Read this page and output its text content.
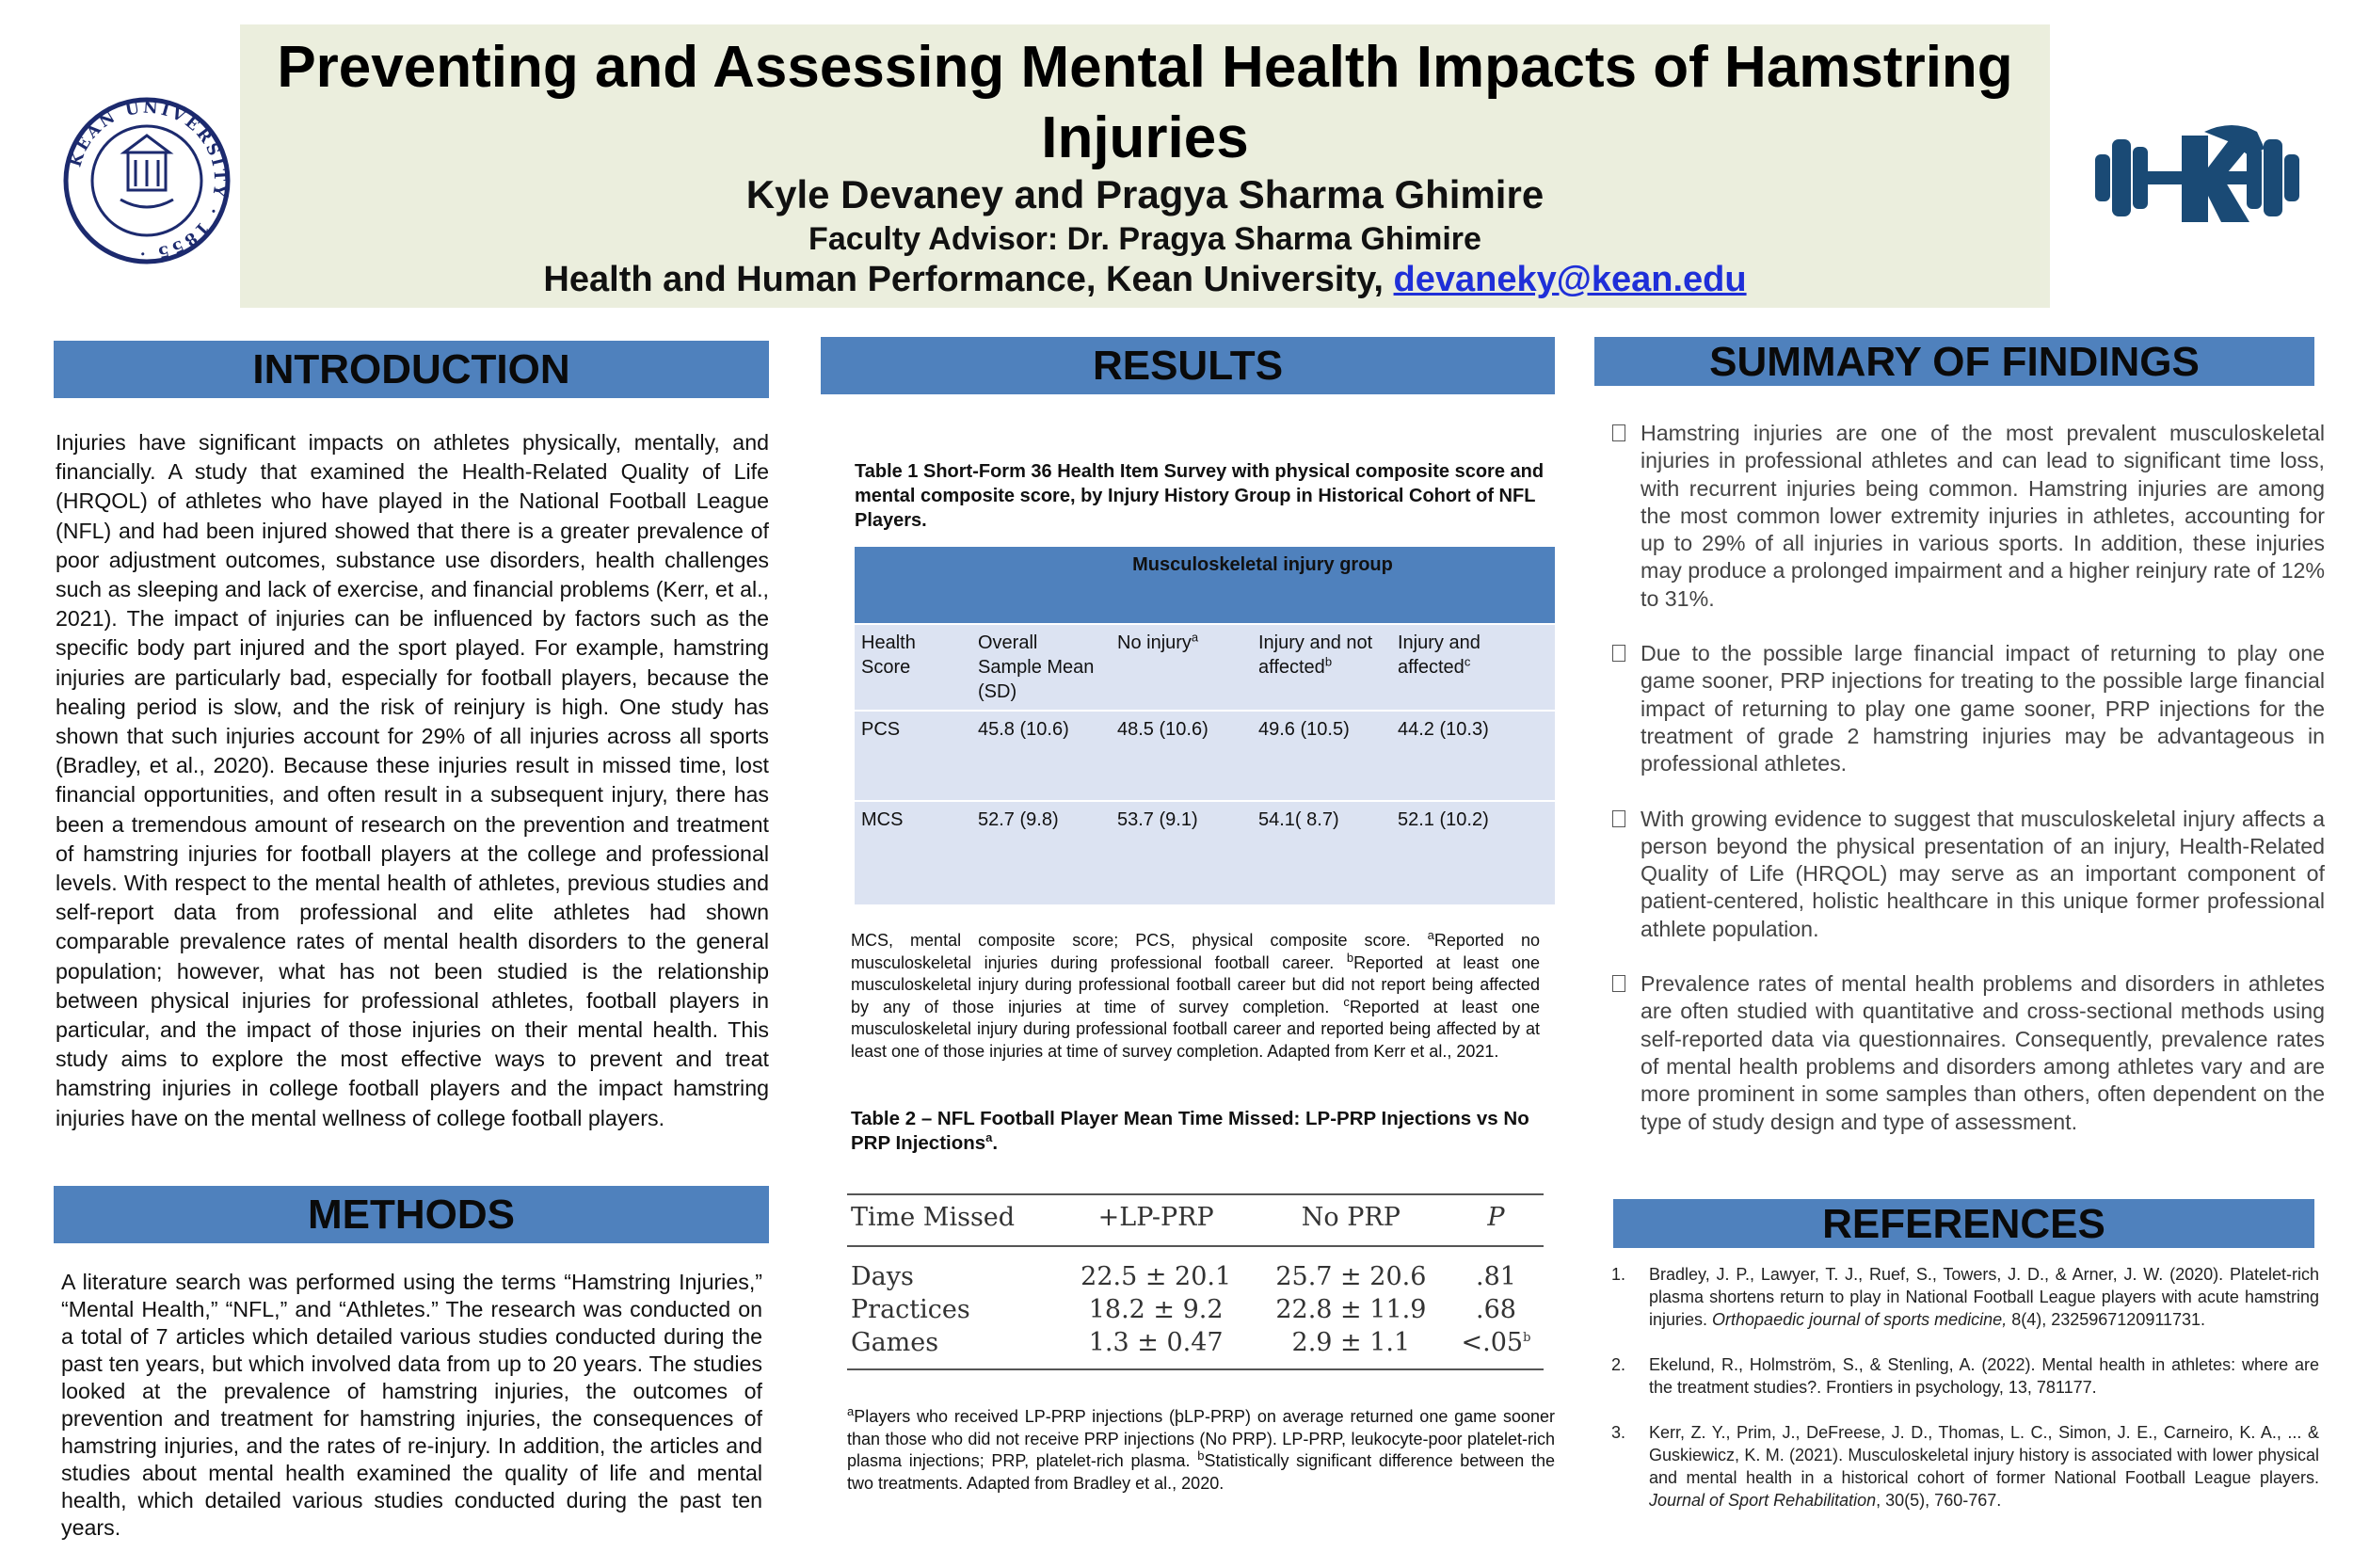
Preventing and Assessing Mental Health Impacts of Hamstring Injuries
Kyle Devaney and Pragya Sharma Ghimire
Faculty Advisor: Dr. Pragya Sharma Ghimire
Health and Human Performance, Kean University, devaneky@kean.edu
KEAN UNIVERSITY · 1855 ·
INTRODUCTION

Injuries have significant impacts on athletes physically, mentally, and financially. A study that examined the Health-Related Quality of Life (HRQOL) of athletes who have played in the National Football League (NFL) and had been injured showed that there is a greater prevalence of poor adjustment outcomes, substance use disorders, health challenges such as sleeping and lack of exercise, and financial problems (Kerr, et al., 2021). The impact of injuries can be influenced by factors such as the specific body part injured and the sport played. For example, hamstring injuries are particularly bad, especially for football players, because the healing period is slow, and the risk of reinjury is high. One study has shown that such injuries account for 29% of all injuries across all sports (Bradley, et al., 2020). Because these injuries result in missed time, lost financial opportunities, and often result in a subsequent injury, there has been a tremendous amount of research on the prevention and treatment of hamstring injuries for football players at the college and professional levels. With respect to the mental health of athletes, previous studies and self-report data from professional and elite athletes had shown comparable prevalence rates of mental health disorders to the general population; however, what has not been studied is the relationship between physical injuries for professional athletes, football players in particular, and the impact of those injuries on their mental health. This study aims to explore the most effective ways to prevent and treat hamstring injuries in college football players and the impact hamstring injuries have on the mental wellness of college football players.

METHODS

A literature search was performed using the terms “Hamstring Injuries,” “Mental Health,” “NFL,” and “Athletes.” The research was conducted on a total of 7 articles which detailed various studies conducted during the past ten years, but which involved data from up to 20 years. The studies looked at the prevalence of hamstring injuries, the outcomes of prevention and treatment for hamstring injuries, the consequences of hamstring injuries, and the rates of re-injury. In addition, the articles and studies about mental health examined the quality of life and mental health, which detailed various studies conducted during the past ten years.

RESULTS
Table 1 Short-Form 36 Health Item Survey with physical composite score and mental composite score, by Injury History Group in Historical Cohort of NFL Players.
Musculoskeletal injury group				
Health Score	Overall Sample Mean (SD)	No injury$^a$	Injury and not affected$^b$	Injury and affected$^c$
PCS	45.8 (10.6)	48.5 (10.6)	49.6 (10.5)	44.2 (10.3)
MCS	52.7 (9.8)	53.7 (9.1)	54.1( 8.7)	52.1 (10.2)

MCS, mental composite score; PCS, physical composite score. $^a$Reported no musculoskeletal injuries during professional football career. $^b$Reported at least one musculoskeletal injury during professional football career but did not report being affected by any of those injuries at time of survey completion. $^c$Reported at least one musculoskeletal injury during professional football career and reported being affected by at least one of those injuries at time of survey completion. Adapted from Kerr et al., 2021.

Table 2 – NFL Football Player Mean Time Missed: LP-PRP Injections vs No PRP Injections$^a$.
Time Missed	+LP-PRP	No PRP	P
Days	22.5 ± 20.1	25.7 ± 20.6	.81
Practices	18.2 ± 9.2	22.8 ± 11.9	.68
Games	1.3 ± 0.47	2.9 ± 1.1	<.05$^b$

$^a$Players who received LP-PRP injections (þLP-PRP) on average returned one game sooner than those who did not receive PRP injections (No PRP). LP-PRP, leukocyte-poor platelet-rich plasma injections; PRP, platelet-rich plasma. $^b$Statistically significant difference between the two treatments. Adapted from Bradley et al., 2020.

SUMMARY OF FINDINGS
Hamstring injuries are one of the most prevalent musculoskeletal injuries in professional athletes and can lead to significant time loss, with recurrent injuries being common. Hamstring injuries are among the most common lower extremity injuries in athletes, accounting for up to 29% of all injuries in various sports. In addition, these injuries may produce a prolonged impairment and a higher reinjury rate of 12% to 31%.
Due to the possible large financial impact of returning to play one game sooner, PRP injections for treating to the possible large financial impact of returning to play one game sooner, PRP injections for the treatment of grade 2 hamstring injuries may be advantageous in professional athletes.
With growing evidence to suggest that musculoskeletal injury affects a person beyond the physical presentation of an injury, Health-Related Quality of Life (HRQOL) may serve as an important component of patient-centered, holistic healthcare in this unique former professional athlete population.
Prevalence rates of mental health problems and disorders in athletes are often studied with quantitative and cross-sectional methods using self-reported data via questionnaires. Consequently, prevalence rates of mental health problems and disorders among athletes vary and are more prominent in some samples than others, often dependent on the type of study design and type of assessment.
REFERENCES
1. Bradley, J. P., Lawyer, T. J., Ruef, S., Towers, J. D., & Arner, J. W. (2020). Platelet-rich plasma shortens return to play in National Football League players with acute hamstring injuries. Orthopaedic journal of sports medicine, 8(4), 2325967120911731.
2. Ekelund, R., Holmström, S., & Stenling, A. (2022). Mental health in athletes: where are the treatment studies?. Frontiers in psychology, 13, 781177.
3. Kerr, Z. Y., Prim, J., DeFreese, J. D., Thomas, L. C., Simon, J. E., Carneiro, K. A., ... & Guskiewicz, K. M. (2021). Musculoskeletal injury history is associated with lower physical and mental health in a historical cohort of former National Football League players. Journal of Sport Rehabilitation, 30(5), 760-767.
